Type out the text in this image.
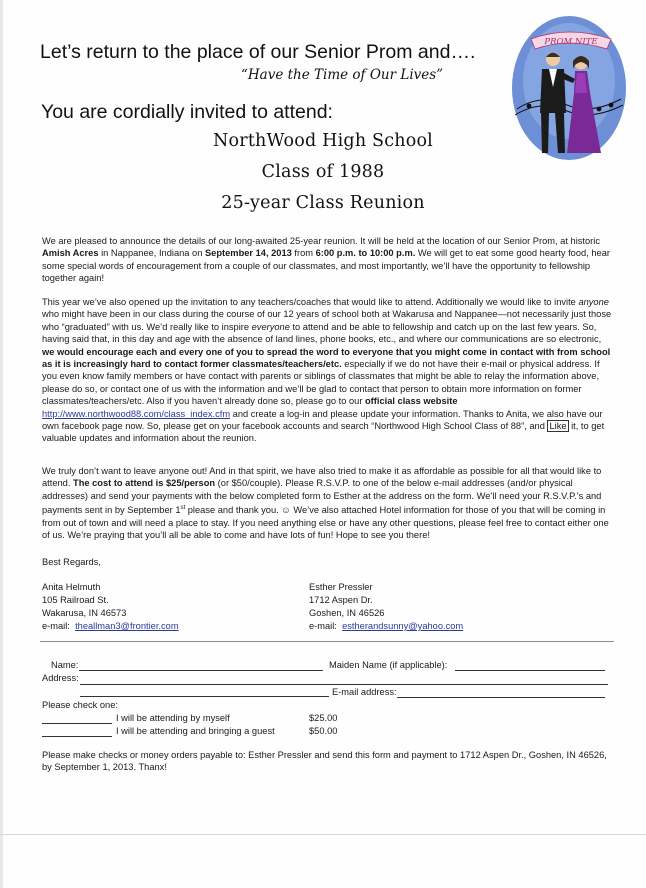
Let’s return to the place of our Senior Prom and….
“Have the Time of Our Lives”
You are cordially invited to attend:
NorthWood High School
Class of 1988
25-year Class Reunion
PROM NITE

We are pleased to announce the details of our long-awaited 25-year reunion. It will be held at the location of our Senior Prom, at historic Amish Acres in Nappanee, Indiana on September 14, 2013 from 6:00 p.m. to 10:00 p.m. We will get to eat some good hearty food, hear some special words of encouragement from a couple of our classmates, and most importantly, we’ll have the opportunity to fellowship together again!

This year we’ve also opened up the invitation to any teachers/coaches that would like to attend. Additionally we would like to invite anyone who might have been in our class during the course of our 12 years of school both at Wakarusa and Nappanee—not necessarily just those who “graduated” with us. We’d really like to inspire everyone to attend and be able to fellowship and catch up on the last few years. So, having said that, in this day and age with the absence of land lines, phone books, etc., and where our communications are so electronic, we would encourage each and every one of you to spread the word to everyone that you might come in contact with from school as it is increasingly hard to contact former classmates/teachers/etc. especially if we do not have their e-mail or physical address. If you even know family members or have contact with parents or siblings of classmates that might be able to relay the information above, please do so, or contact one of us with the information and we’ll be glad to contact that person to obtain more information on former classmates/teachers/etc. Also if you haven’t already done so, please go to our official class website http://www.northwood88.com/class_index.cfm and create a log-in and please update your information. Thanks to Anita, we also have our own facebook page now. So, please get on your facebook accounts and search “Northwood High School Class of 88”, and Like it, to get valuable updates and information about the reunion.

We truly don’t want to leave anyone out! And in that spirit, we have also tried to make it as affordable as possible for all that would like to attend. The cost to attend is $25/person (or $50/couple). Please R.S.V.P. to one of the below e-mail addresses (and/or physical addresses) and send your payments with the below completed form to Esther at the address on the form. We’ll need your R.S.V.P.’s and payments sent in by September 1st please and thank you. ☺ We’ve also attached Hotel information for those of you that will be coming in from out of town and will need a place to stay. If you need anything else or have any other questions, please feel free to contact either one of us. We’re praying that you’ll all be able to come and have lots of fun! Hope to see you there!

Best Regards,
Anita Helmuth
105 Railroad St.
Wakarusa, IN 46573
e-mail: theallman3@frontier.com
Esther Pressler
1712 Aspen Dr.
Goshen, IN 46526
e-mail: estherandsunny@yahoo.com
Name:	Maiden Name (if applicable):
Address:
E-mail address:
Please check one:
I will be attending by myself	$25.00
I will be attending and bringing a guest	$50.00

Please make checks or money orders payable to: Esther Pressler and send this form and payment to 1712 Aspen Dr., Goshen, IN 46526, by September 1, 2013. Thanx!
